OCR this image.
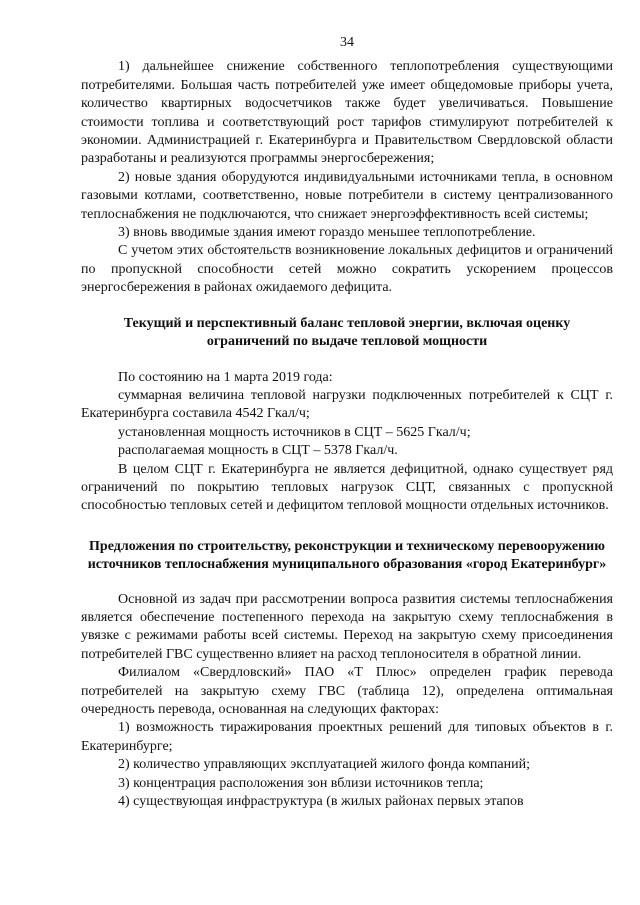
34

1) дальнейшее снижение собственного теплопотребления существующими потребителями. Большая часть потребителей уже имеет общедомовые приборы учета, количество квартирных водосчетчиков также будет увеличиваться. Повышение стоимости топлива и соответствующий рост тарифов стимулируют потребителей к экономии. Администрацией г. Екатеринбурга и Правительством Свердловской области разработаны и реализуются программы энергосбережения;

2) новые здания оборудуются индивидуальными источниками тепла, в основном газовыми котлами, соответственно, новые потребители в систему централизованного теплоснабжения не подключаются, что снижает энергоэффективность всей системы;

3) вновь вводимые здания имеют гораздо меньшее теплопотребление.

С учетом этих обстоятельств возникновение локальных дефицитов и ограничений по пропускной способности сетей можно сократить ускорением процессов энергосбережения в районах ожидаемого дефицита.

Текущий и перспективный баланс тепловой энергии, включая оценку ограничений по выдаче тепловой мощности

По состоянию на 1 марта 2019 года:

суммарная величина тепловой нагрузки подключенных потребителей к СЦТ г. Екатеринбурга составила 4542 Гкал/ч;

установленная мощность источников в СЦТ – 5625 Гкал/ч;

располагаемая мощность в СЦТ – 5378 Гкал/ч.

В целом СЦТ г. Екатеринбурга не является дефицитной, однако существует ряд ограничений по покрытию тепловых нагрузок СЦТ, связанных с пропускной способностью тепловых сетей и дефицитом тепловой мощности отдельных источников.

Предложения по строительству, реконструкции и техническому перевооружению источников теплоснабжения муниципального образования «город Екатеринбург»

Основной из задач при рассмотрении вопроса развития системы теплоснабжения является обеспечение постепенного перехода на закрытую схему теплоснабжения в увязке с режимами работы всей системы. Переход на закрытую схему присоединения потребителей ГВС существенно влияет на расход теплоносителя в обратной линии.

Филиалом «Свердловский» ПАО «Т Плюс» определен график перевода потребителей на закрытую схему ГВС (таблица 12), определена оптимальная очередность перевода, основанная на следующих факторах:

1) возможность тиражирования проектных решений для типовых объектов в г. Екатеринбурге;

2) количество управляющих эксплуатацией жилого фонда компаний;

3) концентрация расположения зон вблизи источников тепла;

4) существующая инфраструктура (в жилых районах первых этапов
